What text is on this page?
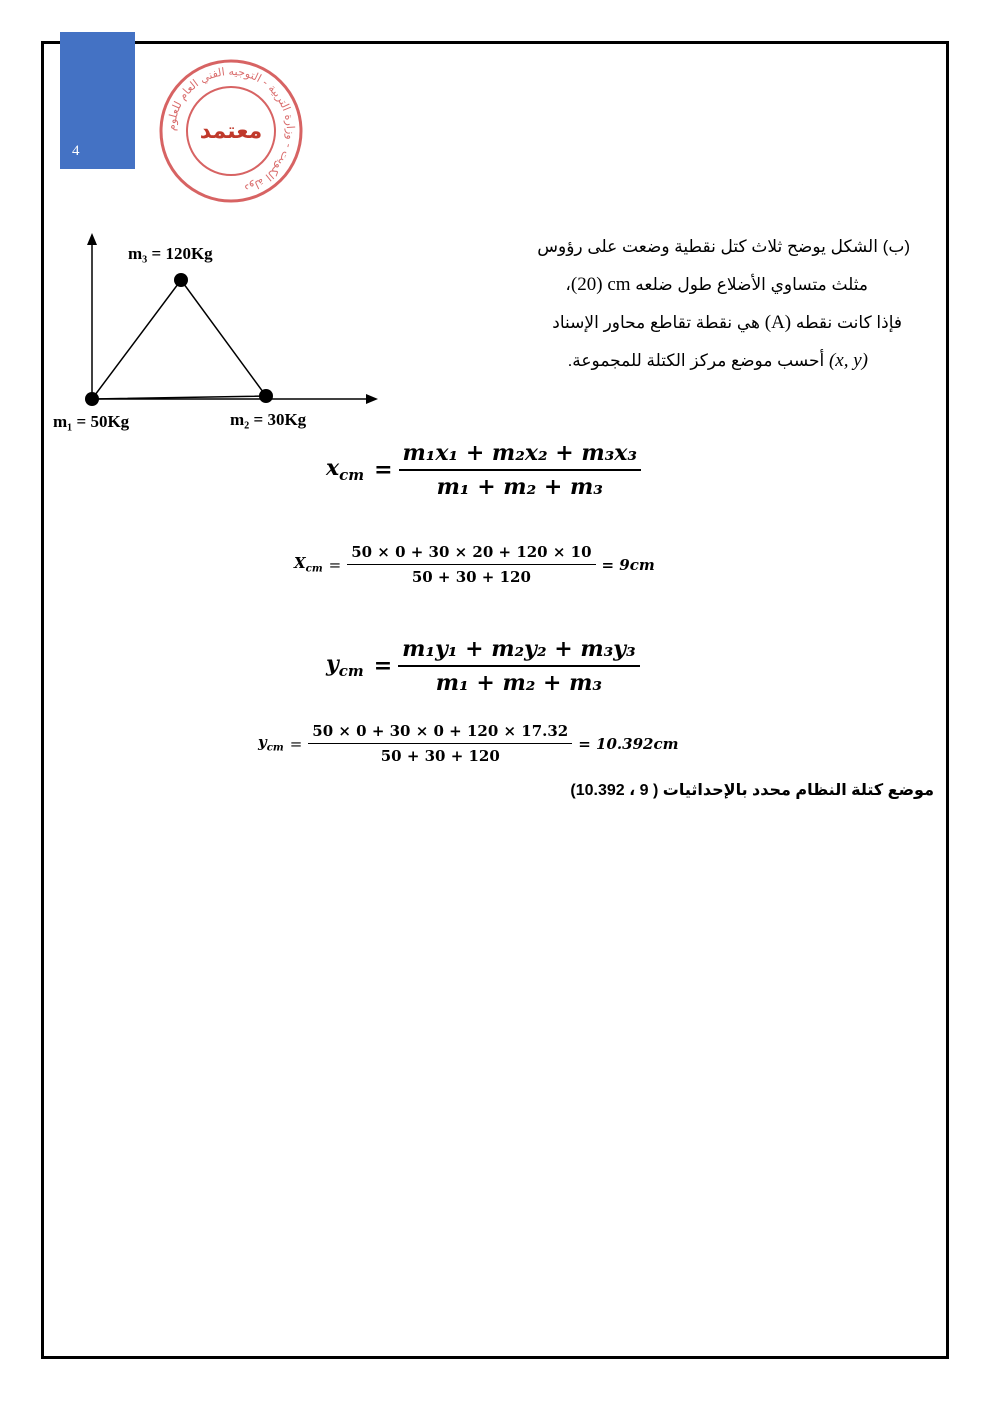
4
دولة الكويت - وزارة التربية - التوجيه الفني العام للعلوم
معتمد
(ب) الشكل يوضح ثلاث كتل نقطية وضعت على رؤوس
مثلث متساوي الأضلاع طول ضلعه (20) cm،
فإذا كانت نقطه (A) هي نقطة تقاطع محاور الإسناد
(x, y) أحسب موضع مركز الكتلة للمجموعة.
m₃ = 120Kg
m₁ = 50Kg	m₂ = 30Kg
$x_{cm} = \frac{\text{m₁x₁ + m₂x₂ + m₃x₃}}{\text{m₁ + m₂ + m₃}}$
$X_{cm} = \frac{50 \times 0 + 30 \times 20 + 120 \times 10}{50 + 30 + 120} = 9cm$
$y_{cm} = \frac{\text{m₁y₁ + m₂y₂ + m₃y₃}}{\text{m₁ + m₂ + m₃}}$
$y_{cm} = \frac{50 \times 0 + 30 \times 0 + 120 \times 17.32}{50 + 30 + 120} = 10.392cm$
موضع كتلة النظام محدد بالإحداثيات (10.392 ، 9 )
